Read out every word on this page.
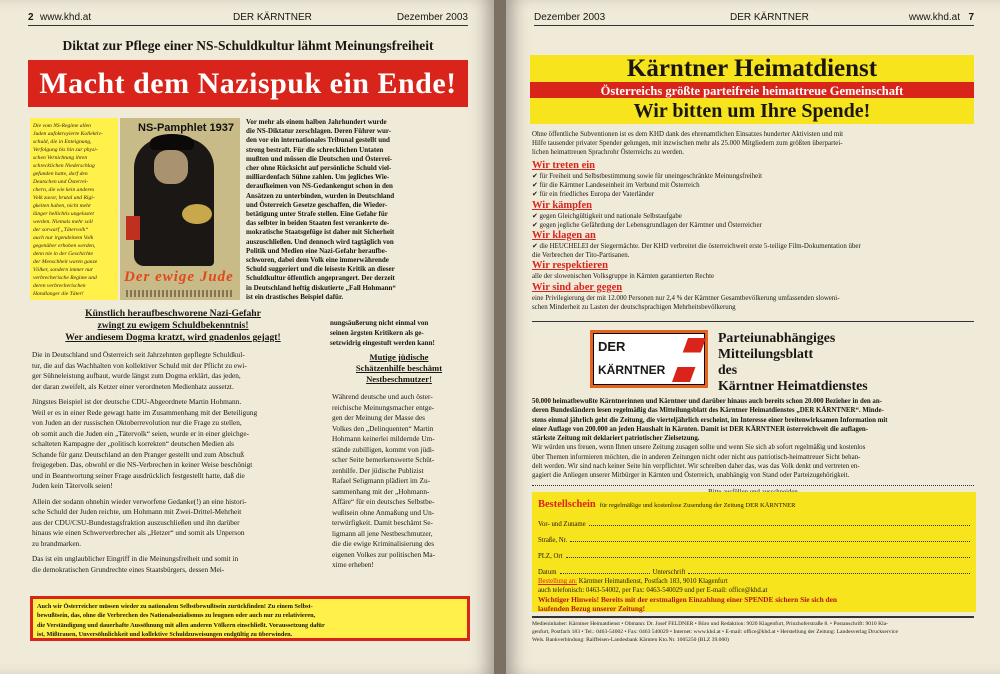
2 www.khd.at	DER KÄRNTNER	Dezember 2003
Diktat zur Pflege einer NS-Schuldkultur lähmt Meinungsfreiheit
Macht dem Nazispuk ein Ende!
Die vom NS-Regime allen
Juden aufoktroyierte Kollektiv-
schuld, die in Enteignung,
Verfolgung bis hin zur physi-
schen Vernichtung ihren
schrecklichen Niederschlag
gefunden hatte, darf den
Deutschen und Österrei-
chern, die wie kein anderes
Volk zuvor, brutal und Rigi-
gkeiten haben, nicht mehr
länger hellichtis ungelastet
werden. Niemals mehr soll
der sorwarf „Tätervolk“
auch nur irgendeinem Volk
gegenüber erhoben werden,
denn nie in der Geschichte
der Menschheit waren ganze
Völker, sondern immer nur
verbrecherische Regime und
deren verbrecherischen
Handlanger die Täter!
NS-Pamphlet 1937
Der ewige Jude
Vor mehr als einem halben Jahrhundert wurde
die NS-Diktatur zerschlagen. Deren Führer wur-
den vor ein internationales Tribunal gestellt und
streng bestraft. Für die schrecklichen Untaten
mußten und müssen die Deutschen und Österrei-
cher ohne Rücksicht auf persönliche Schuld viel-
milliardenfach Sühne zahlen. Um jegliches Wie-
deraufkeimen von NS-Gedankengut schon in den
Ansätzen zu unterbinden, wurden in Deutschland
und Österreich Gesetze geschaffen, die Wieder-
betätigung unter Strafe stellen. Eine Gefahr für
das selbter in beiden Staaten fest verankerte de-
mokratische Staatsgefüge ist daher mit Sicherheit
auszuschließen. Und dennoch wird tagtäglich von
Politik und Medien eine Nazi-Gefahr heraufbe-
schworen, dabei dem Volk eine immerwährende
Schuld suggeriert und die leiseste Kritik an dieser
Schuldkultur öffentlich angeprangert. Der derzeit
in Deutschland heftig diskutierte „Fall Hohmann“
ist ein drastisches Beispiel dafür.
Künstlich heraufbeschworene Nazi-Gefahr
zwingt zu ewigem Schuldbekenntnis!
Wer andiesem Dogma kratzt, wird gnadenlos gejagt!
Die in Deutschland und Österreich seit Jahrzehnten gepflegte Schuldkul-
tur, die auf das Wachhalten von kollektiver Schuld mit der Pflicht zu ewi-
ger Sühneleistung aufbaut, wurde längst zum Dogma erklärt, das jeden,
der daran zweifelt, als Ketzer einer verordneten Medienhatz aussetzt.
Jüngstes Beispiel ist der deutsche CDU-Abgeordnete Martin Hohmann.
Weil er es in einer Rede gewagt hatte im Zusammenhang mit der Beteiligung
von Juden an der russischen Oktoberrevolution nur die Frage zu stellen,
ob somit auch die Juden ein „Tätervolk“ seien, wurde er in einer gleichge-
schalteten Kampagne der „politisch korrekten“ deutschen Medien als
Schande für ganz Deutschland an den Pranger gestellt und zum Abschuß
freigegeben. Das, obwohl er die NS-Verbrechen in keiner Weise beschönigt
und in Beantwortung seiner Frage ausdrücklich festgestellt hatte, daß die
Juden kein Tätervolk seien!
Allein der sodann ohnehin wieder verworfene Gedanke(!) an eine histori-
sche Schuld der Juden reichte, um Hohmann mit Zwei-Drittel-Mehrheit
aus der CDU/CSU-Bundestagsfraktion auszuschließen und ihn darüber
hinaus wie einen Schwerverbrecher als „Hetzer“ und somit als Unperson
zu brandmarken.
Das ist ein unglaublicher Eingriff in die Meinungsfreiheit und somit in
die demokratischen Grundrechte eines Staatsbürgers, dessen Mei-
nungsäußerung nicht einmal von
seinen ärgsten Kritikern als ge-
setzwidrig eingestuft werden kann!
Mutige jüdische
Schätzenhilfe beschämt
Nestbeschmutzer!
Während deutsche und auch öster-
reichische Meinungsmacher entge-
gen der Meinung der Masse des
Volkes den „Delinquenten“ Martin
Hohmann keinerlei mildernde Um-
stände zubilligen, kommt von jüdi-
scher Seite bemerkenswerte Schüt-
zenhilfe. Der jüdische Publizist
Rafael Seligmann plädiert im Zu-
sammenhang mit der „Hohmann-
Affäre“ für ein deutsches Selbstbe-
wußtsein ohne Anmaßung und Un-
terwürfigkeit. Damit beschämt Se-
ligmann all jene Nestbeschmutzer,
die die ewige Kriminalisierung des
eigenen Volkes zur politischen Ma-
xime erheben!
Auch wir Österreicher müssen wieder zu nationalem Selbstbewußtsein zurückfinden! Zu einem Selbst-
bewußtsein, das, ohne die Verbrechen des Nationalsozialismus zu leugnen oder auch nur zu relativieren,
die Verständigung und dauerhafte Aussöhnung mit allen anderen Völkern einschließt. Voraussetzung dafür
ist, Mißtrauen, Unversöhnlichkeit und kollektive Schuldzuweisungen endgültig zu überwinden.
Dezember 2003	DER KÄRNTNER	www.khd.at 7
Kärntner Heimatdienst
Österreichs größte parteifreie heimattreue Gemeinschaft
Wir bitten um Ihre Spende!
Ohne öffentliche Subventionen ist es dem KHD dank des ehrenamtlichen Einsatzes hunderter Aktivisten und mit
Hilfe tausender privater Spender gelungen, mit inzwischen mehr als 25.000 Mitgliedern zum größten überpartei-
lichen heimattreuen Sprachrohr Österreichs zu werden.
Wir treten ein
✔ für Freiheit und Selbstbestimmung sowie für uneingeschränkte Meinungsfreiheit
✔ für die Kärntner Landeseinheit im Verbund mit Österreich
✔ für ein friedliches Europa der Vaterländer
Wir kämpfen
✔ gegen Gleichgültigkeit und nationale Selbstaufgabe
✔ gegen jegliche Gefährdung der Lebensgrundlagen der Kärntner und Österreicher
Wir klagen an
✔ die HEUCHELEI der Siegermächte. Der KHD verbreitet die österreichweit erste 5-teilige Film-Dokumentation über
die Verbrechen der Tito-Partisanen.
Wir respektieren
alle der slowenischen Volksgruppe in Kärnten garantierten Rechte
Wir sind aber gegen
eine Privilegierung der mit 12.000 Personen nur 2,4 % der Kärntner Gesamtbevölkerung umfassenden sloweni-
schen Minderheit zu Lasten der deutschsprachigen Mehrheitsbevölkerung
DER
KÄRNTNER
Parteiunabhängiges
Mitteilungsblatt
des
Kärntner Heimatdienstes
50.000 heimatbewußte Kärntnerinnen und Kärntner und darüber hinaus auch bereits schon 20.000 Bezieher in den an-
deren Bundesländern lesen regelmäßig das Mitteilungsblatt des Kärntner Heimatdienstes „DER KÄRNTNER“. Minde-
stens einmal jährlich geht die Zeitung, die vierteljährlich erscheint, im Interesse einer breitenwirksamen Information mit
einer Auflage von 200.000 an jeden Haushalt in Kärnten. Damit ist DER KÄRNTNER österreichweit die auflagen-
stärkste Zeitung mit deklariert patriotischer Zielsetzung.
Wir würden uns freuen, wenn Ihnen unsere Zeitung zusagen sollte und wenn Sie sich ab sofort regelmäßig und kostenlos
über Themen informieren möchten, die in anderen Zeitungen nicht oder nicht aus patriotisch-heimattreuer Sicht behan-
delt werden. Wir sind nach keiner Seite hin verpflichtet. Wir schreiben daher das, was das Volk denkt und vertreten en-
gagiert die Anliegen unserer Mitbürger in Kärnten und Österreich, unabhängig von Stand oder Parteizugehörigkeit.
Bestellschein für regelmäßige und kostenlose Zusendung der Zeitung DER KÄRNTNER
Vor- und Zuname
Straße, Nr.
PLZ, Ort
Datum	Unterschrift
Bestellung an: Kärntner Heimatdienst, Postfach 183, 9010 Klagenfurt
auch telefonisch: 0463-54002, per Fax: 0463-540029 und per E-mail: office@khd.at
Wichtiger Hinweis! Bereits mit der erstmaligen Einzahlung einer SPENDE sichern Sie sich den
laufenden Bezug unserer Zeitung!
Medieninhaber: Kärntner Heimatdienst • Obmann: Dr. Josef FELDNER • Büro und Redaktion: 9020 Klagenfurt, Prinzhoferstraße 8. • Postanschrift: 9010 Kla-
genfurt, Postfach 183 • Tel.: 0463-54002 • Fax: 0463 540029 • Internet: www.khd.at • E-mail: office@khd.at • Herstellung der Zeitung: Landesverlag Druckservice
Wels. Bankverbindung: Raiffeisen-Landesbank Kärnten Kto.Nr. 1005250 (BLZ 39.000)
